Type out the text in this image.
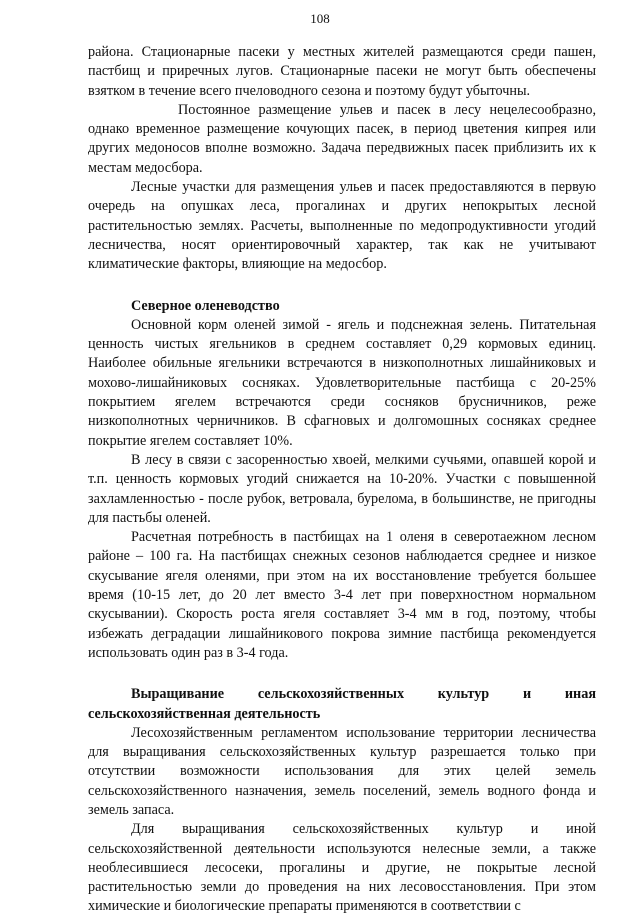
108

района. Стационарные пасеки у местных жителей размещаются среди пашен, пастбищ и приречных лугов. Стационарные пасеки не могут быть обеспечены взятком в течение всего пчеловодного сезона и поэтому будут убыточны.

Постоянное размещение ульев и пасек в лесу нецелесообразно, однако временное размещение кочующих пасек, в период цветения кипрея или других медоносов вполне возможно. Задача передвижных пасек приблизить их к местам медосбора.

Лесные участки для размещения ульев и пасек предоставляются в первую очередь на опушках леса, прогалинах и других непокрытых лесной растительностью землях. Расчеты, выполненные по медопродуктивности угодий лесничества, носят ориентировочный характер, так как не учитывают климатические факторы, влияющие на медосбор.

Северное оленеводство

Основной корм оленей зимой - ягель и подснежная зелень. Питательная ценность чистых ягельников в среднем составляет 0,29 кормовых единиц. Наиболее обильные ягельники встречаются в низкополнотных лишайниковых и мохово-лишайниковых сосняках. Удовлетворительные пастбища с 20-25% покрытием ягелем встречаются среди сосняков брусничников, реже низкополнотных черничников. В сфагновых и долгомошных сосняках среднее покрытие ягелем составляет 10%.

В лесу в связи с засоренностью хвоей, мелкими сучьями, опавшей корой и т.п. ценность кормовых угодий снижается на 10-20%. Участки с повышенной захламленностью - после рубок, ветровала, бурелома, в большинстве, не пригодны для пастьбы оленей.

Расчетная потребность в пастбищах на 1 оленя в северотаежном лесном районе – 100 га. На пастбищах снежных сезонов наблюдается среднее и низкое скусывание ягеля оленями, при этом на их восстановление требуется большее время (10-15 лет, до 20 лет вместо 3-4 лет при поверхностном нормальном скусывании). Скорость роста ягеля составляет 3-4 мм в год, поэтому, чтобы избежать деградации лишайникового покрова зимние пастбища рекомендуется использовать один раз в 3-4 года.

Выращивание сельскохозяйственных культур и иная сельскохозяйственная деятельность

Лесохозяйственным регламентом использование территории лесничества для выращивания сельскохозяйственных культур разрешается только при отсутствии возможности использования для этих целей земель сельскохозяйственного назначения, земель поселений, земель водного фонда и земель запаса.

Для выращивания сельскохозяйственных культур и иной сельскохозяйственной деятельности используются нелесные земли, а также необлесившиеся лесосеки, прогалины и другие, не покрытые лесной растительностью земли до проведения на них лесовосстановления. При этом химические и биологические препараты применяются в соответствии с
